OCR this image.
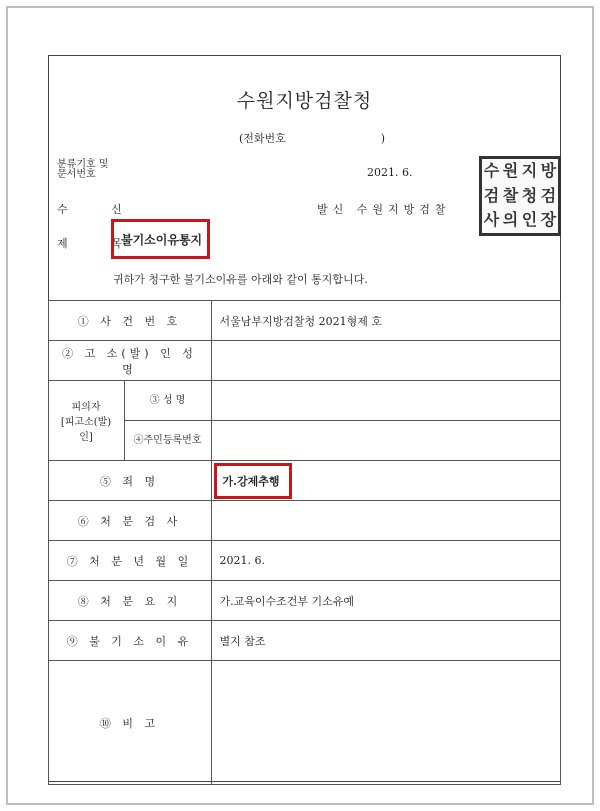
수원지방검찰청
(전화번호	)
분류기호 및
문서번호	2021. 6.
수 신	발신 수원지방검찰
수 원 지 방
검 찰 청 검
사 의 인 장
제 목
불기소이유통지
귀하가 청구한 불기소이유를 아래와 같이 통지합니다.
① 사 건 번 호		서울남부지방검찰청 2021형제 호
② 고 소(발) 인 성 명		
피의자
[피고소(발)인]	③ 성 명	
	④주민등록번호	
⑤ 죄 명		가.강제추행
⑥ 처 분 검 사		
⑦ 처 분 년 월 일		2021. 6.
⑧ 처 분 요 지		가.교육이수조건부 기소유예
⑨ 불 기 소 이 유		별지 참조
⑩ 비 고		
